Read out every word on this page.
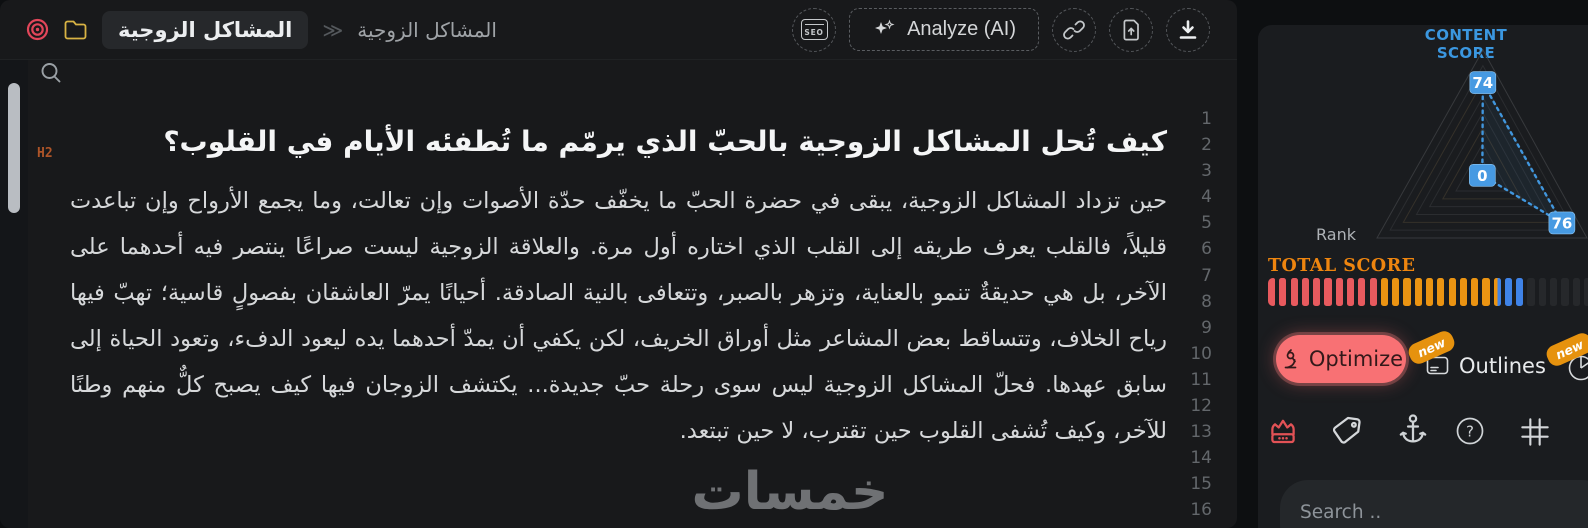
المشاكل الزوجية	≫ المشاكل الزوجية	SEO	Analyze (AI)
H2	كيف تُحل المشاكل الزوجية بالحبّ الذي يرمّم ما تُطفئه الأيام في القلوب؟

حين تزداد المشاكل الزوجية، يبقى في حضرة الحبّ ما يخفّف حدّة الأصوات وإن تعالت، وما يجمع الأرواح وإن تباعدت قليلاً، فالقلب يعرف طريقه إلى القلب الذي اختاره أول مرة. والعلاقة الزوجية ليست صراعًا ينتصر فيه أحدهما على الآخر، بل هي حديقةٌ تنمو بالعناية، وتزهر بالصبر، وتتعافى بالنية الصادقة. أحيانًا يمرّ العاشقان بفصولٍ قاسية؛ تهبّ فيها رياح الخلاف، وتتساقط بعض المشاعر مثل أوراق الخريف، لكن يكفي أن يمدّ أحدهما يده ليعود الدفء، وتعود الحياة إلى سابق عهدها. فحلّ المشاكل الزوجية ليس سوى رحلة حبّ جديدة... يكتشف الزوجان فيها كيف يصبح كلٌّ منهم وطنًا للآخر، وكيف تُشفى القلوب حين تقترب، لا حين تبتعد.

1
2
3
4
5
6
7
8
9
10
11
12
13
14
15
16
خمسات
CONTENT SCORE
74
0
76
Rank
TOTAL SCORE
Optimize new
Outlines
new
?
Search ..
